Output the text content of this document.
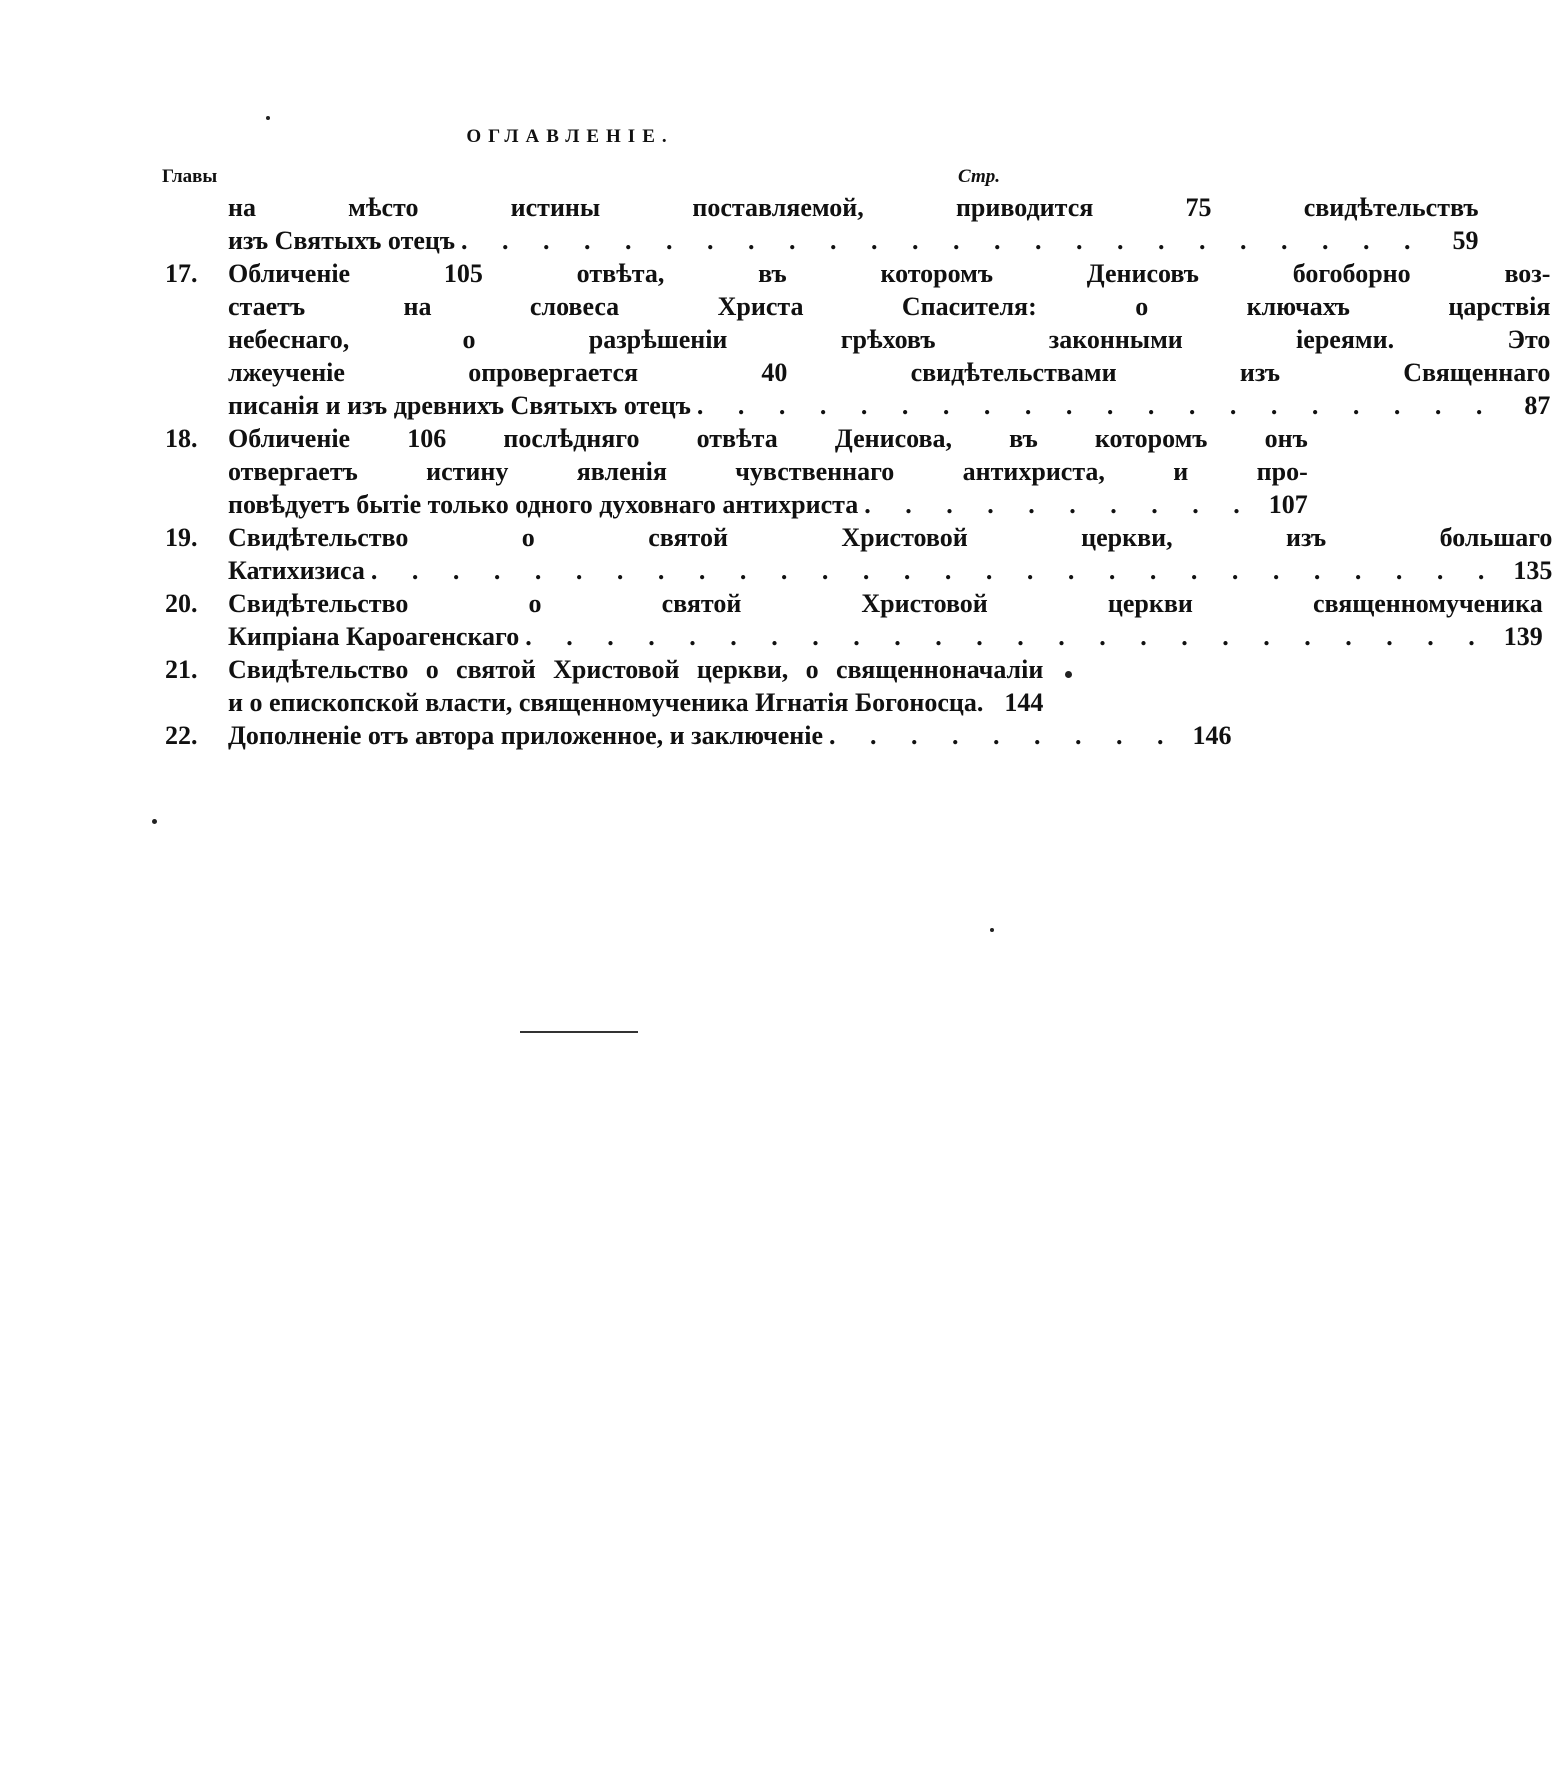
ОГЛАВЛЕНІЕ.
Главы	Стр.
на мѣсто истины поставляемой, приводится 75 свидѣтельствъ
изъ Святыхъ отецъ . . . . . . . . . . . . . . . . . . . . . . . .	59
17.	Обличеніе 105 отвѣта, въ которомъ Денисовъ богоборно воз-
стаетъ на словеса Христа Спасителя: о ключахъ царствія
небеснаго, о разрѣшеніи грѣховъ законными іереями. Это
лжеученіе опровергается 40 свидѣтельствами изъ Священнаго
писанія и изъ древнихъ Святыхъ отецъ . . . . . . . . . . . . . . . . . . . .	87
18.	Обличеніе 106 послѣдняго отвѣта Денисова, въ которомъ онъ
отвергаетъ истину явленія чувственнаго антихриста, и про-
повѣдуетъ бытіе только одного духовнаго антихриста . . . . . . . . . . 107
19.	Свидѣтельство о святой Христовой церкви, изъ большаго
Катихизиса . . . . . . . . . . . . . . . . . . . . . . . . . . . . 135
20.	Свидѣтельство о святой Христовой церкви священномученика
Кипріана Кароагенскаго . . . . . . . . . . . . . . . . . . . . . . . . 139
21.	Свидѣтельство о святой Христовой церкви, о священноначаліи
и о епископской власти, священномученика Игнатія Богоносца. 144
22.	Дополненіе отъ автора приложенное, и заключеніе . . . . . . . . . 146
